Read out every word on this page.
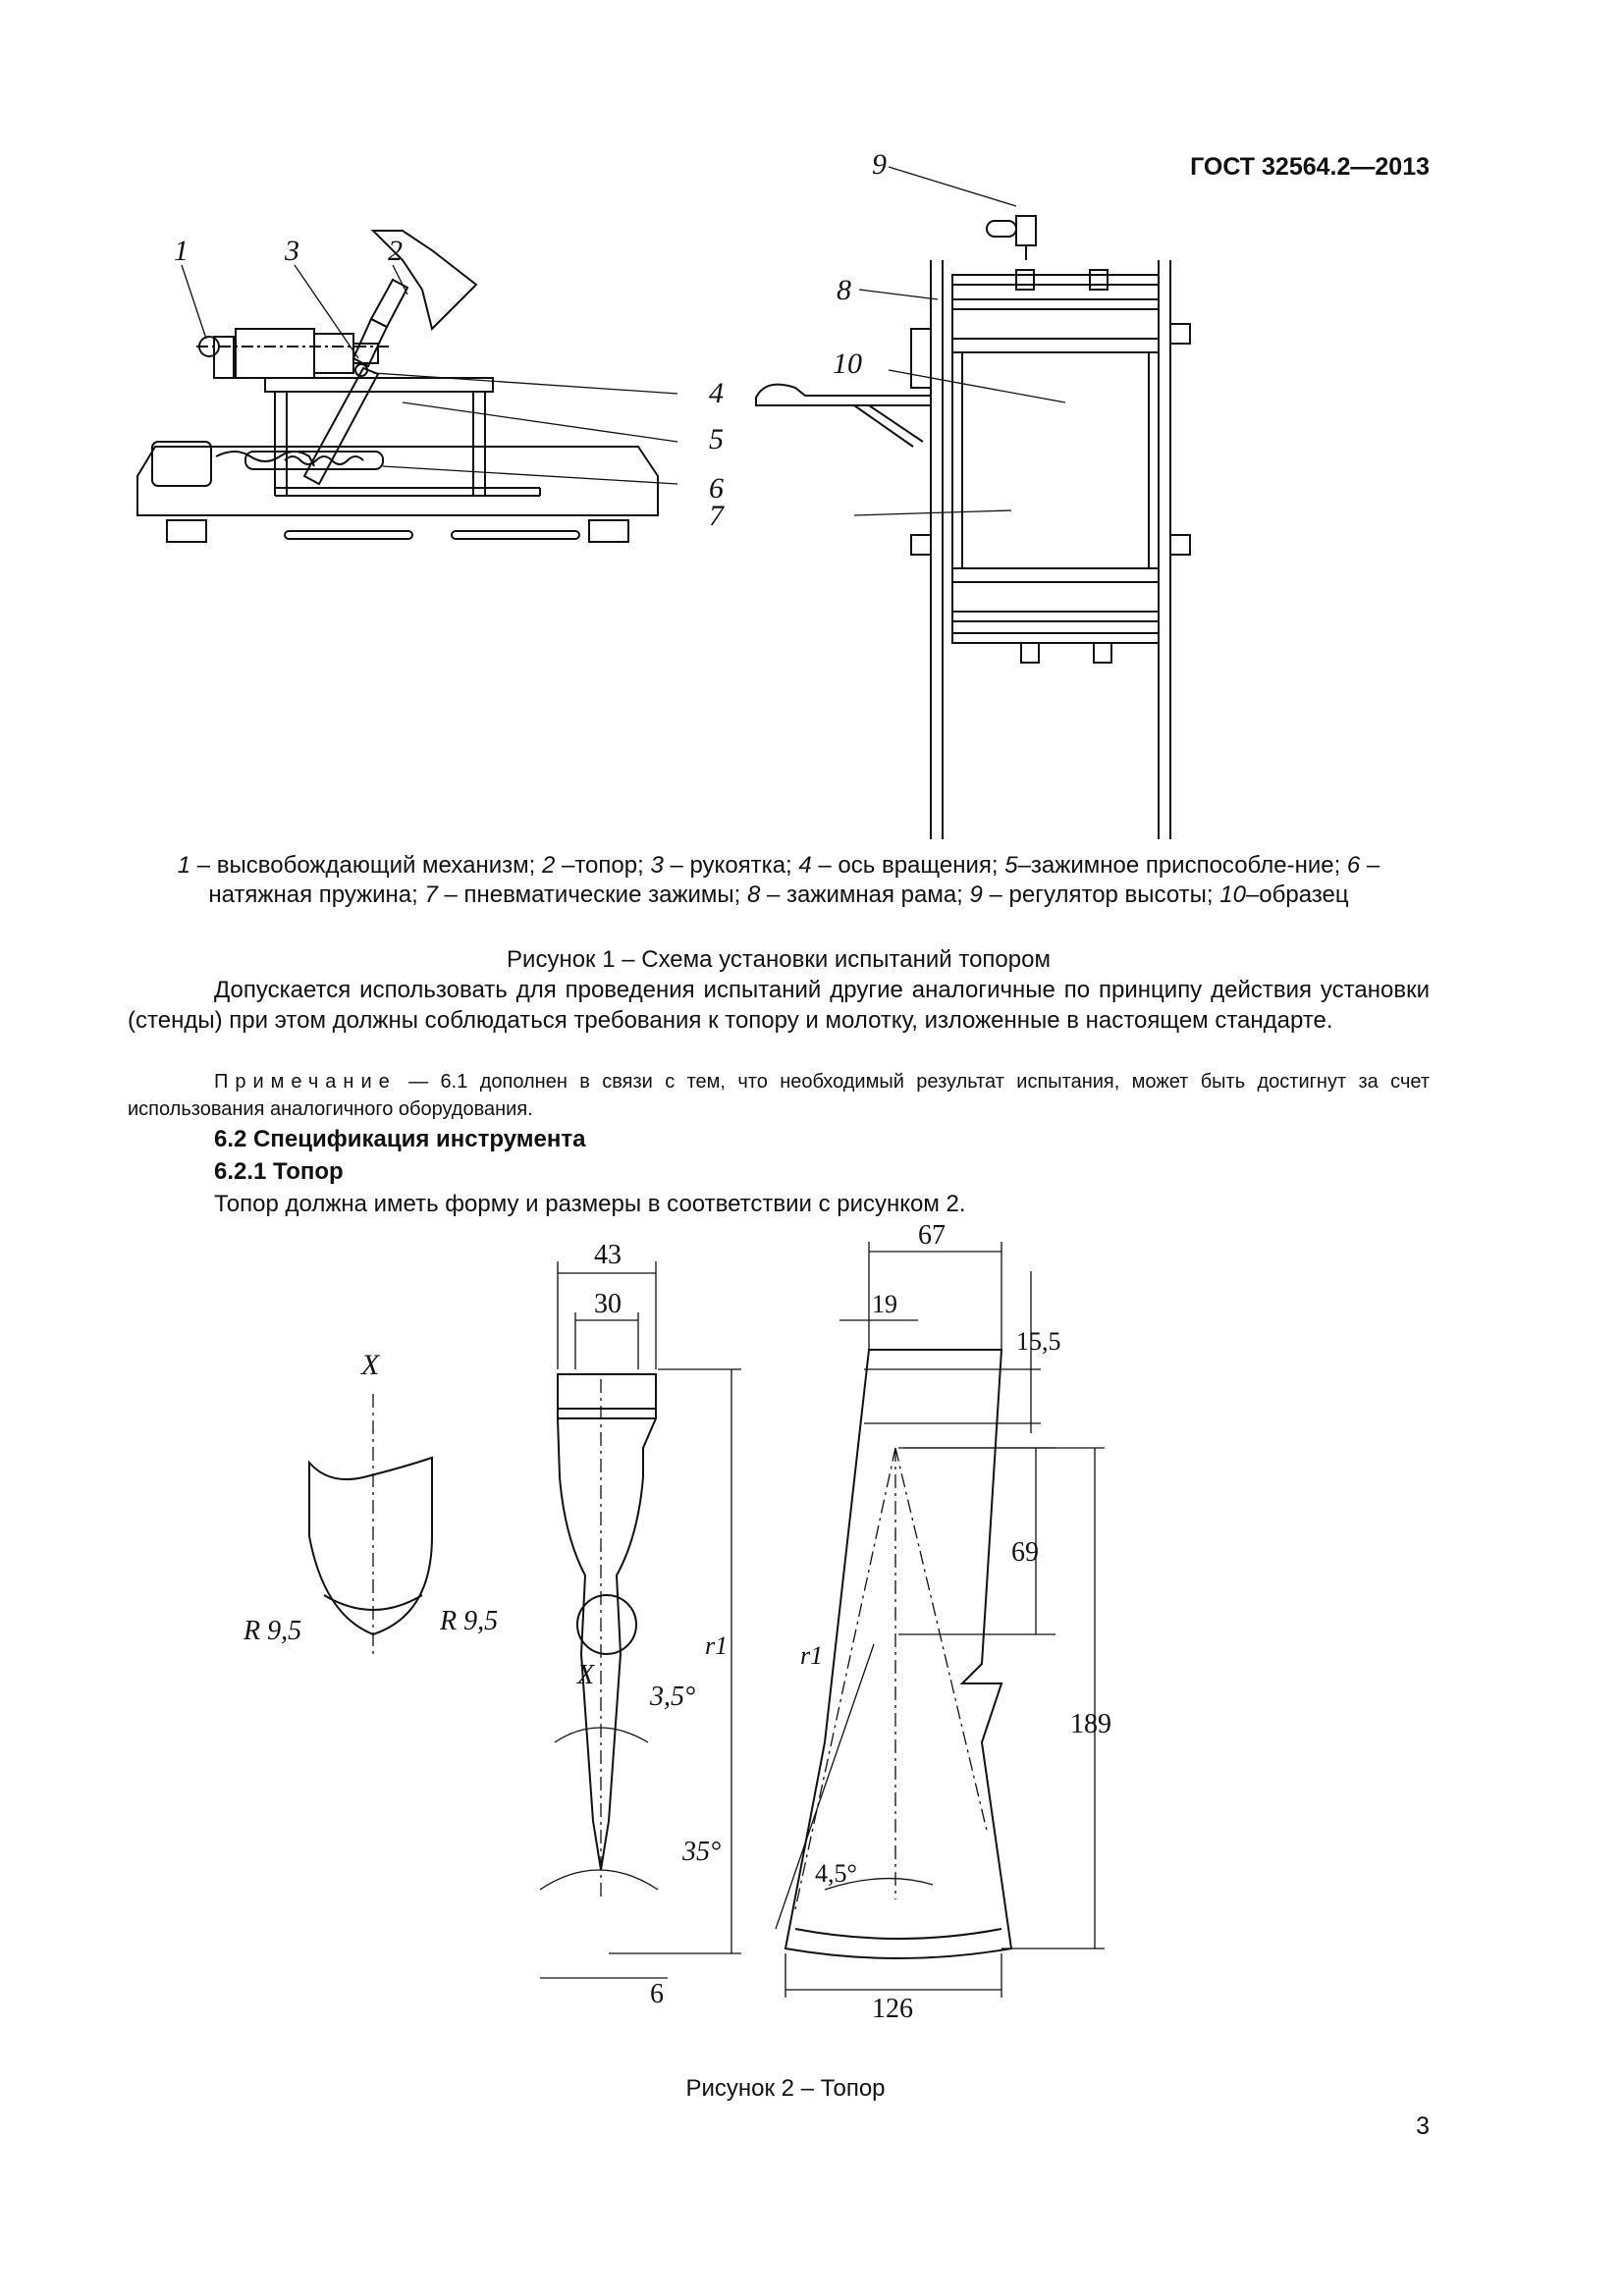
ГОСТ 32564.2—2013
1	3	2
9
8
10
4
5
6
7
1 – высвобождающий механизм; 2 –топор; 3 – рукоятка; 4 – ось вращения; 5–зажимное приспособле-ние; 6 – натяжная пружина; 7 – пневматические зажимы; 8 – зажимная рама; 9 – регулятор высоты; 10–образец
Рисунок 1 – Схема установки испытаний топором
Допускается использовать для проведения испытаний другие аналогичные по принципу действия установки (стенды) при этом должны соблюдаться требования к топору и молотку, изложенные в настоящем стандарте.
Примечание — 6.1 дополнен в связи с тем, что необходимый результат испытания, может быть достигнут за счет использования аналогичного оборудования.
6.2 Спецификация инструмента
6.2.1 Топор
Топор должна иметь форму и размеры в соответствии с рисунком 2.
X
R 9,5	R 9,5
43
30
X
3,5°
35°
r1
6
67
19
15,5
69
189
126
4,5°
r1
Рисунок 2 – Топор
3
